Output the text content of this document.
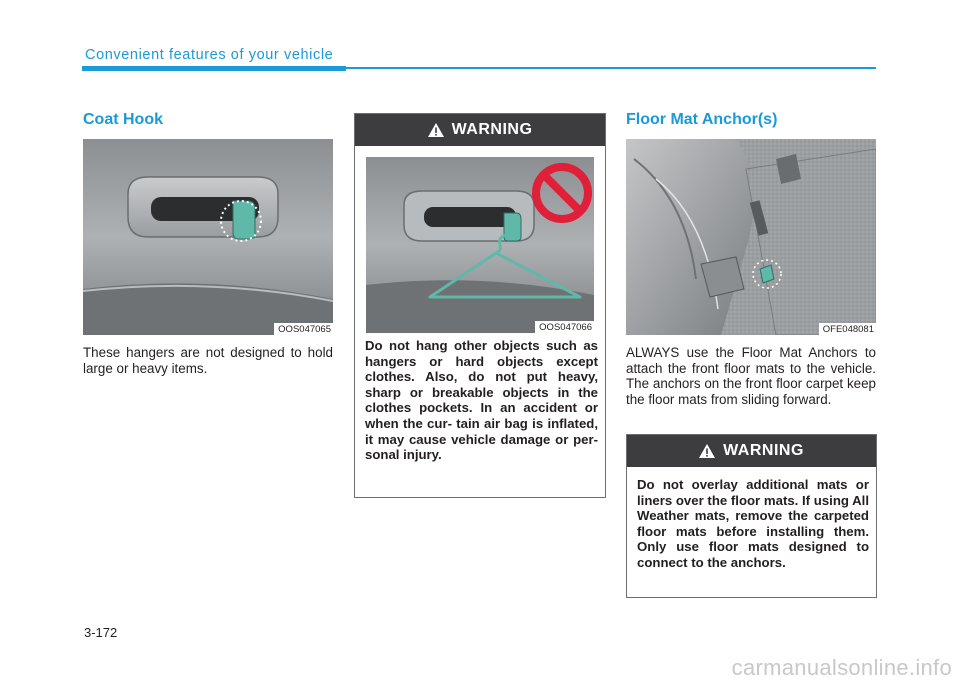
Convenient features of your vehicle
Coat Hook
OOS047065
These hangers are not designed to hold large or heavy items.
WARNING
OOS047066
Do not hang other objects such as hangers or hard objects except clothes. Also, do not put heavy, sharp or breakable objects in the clothes pockets. In an accident or when the cur- tain air bag is inflated, it may cause vehicle damage or per- sonal injury.
Floor Mat Anchor(s)
OFE048081
ALWAYS use the Floor Mat Anchors to attach the front floor mats to the vehicle. The anchors on the front floor carpet keep the floor mats from sliding forward.
WARNING
Do not overlay additional mats or liners over the floor mats. If using All Weather mats, remove the carpeted floor mats before installing them. Only use floor mats designed to connect to the anchors.
3-172
carmanualsonline.info
